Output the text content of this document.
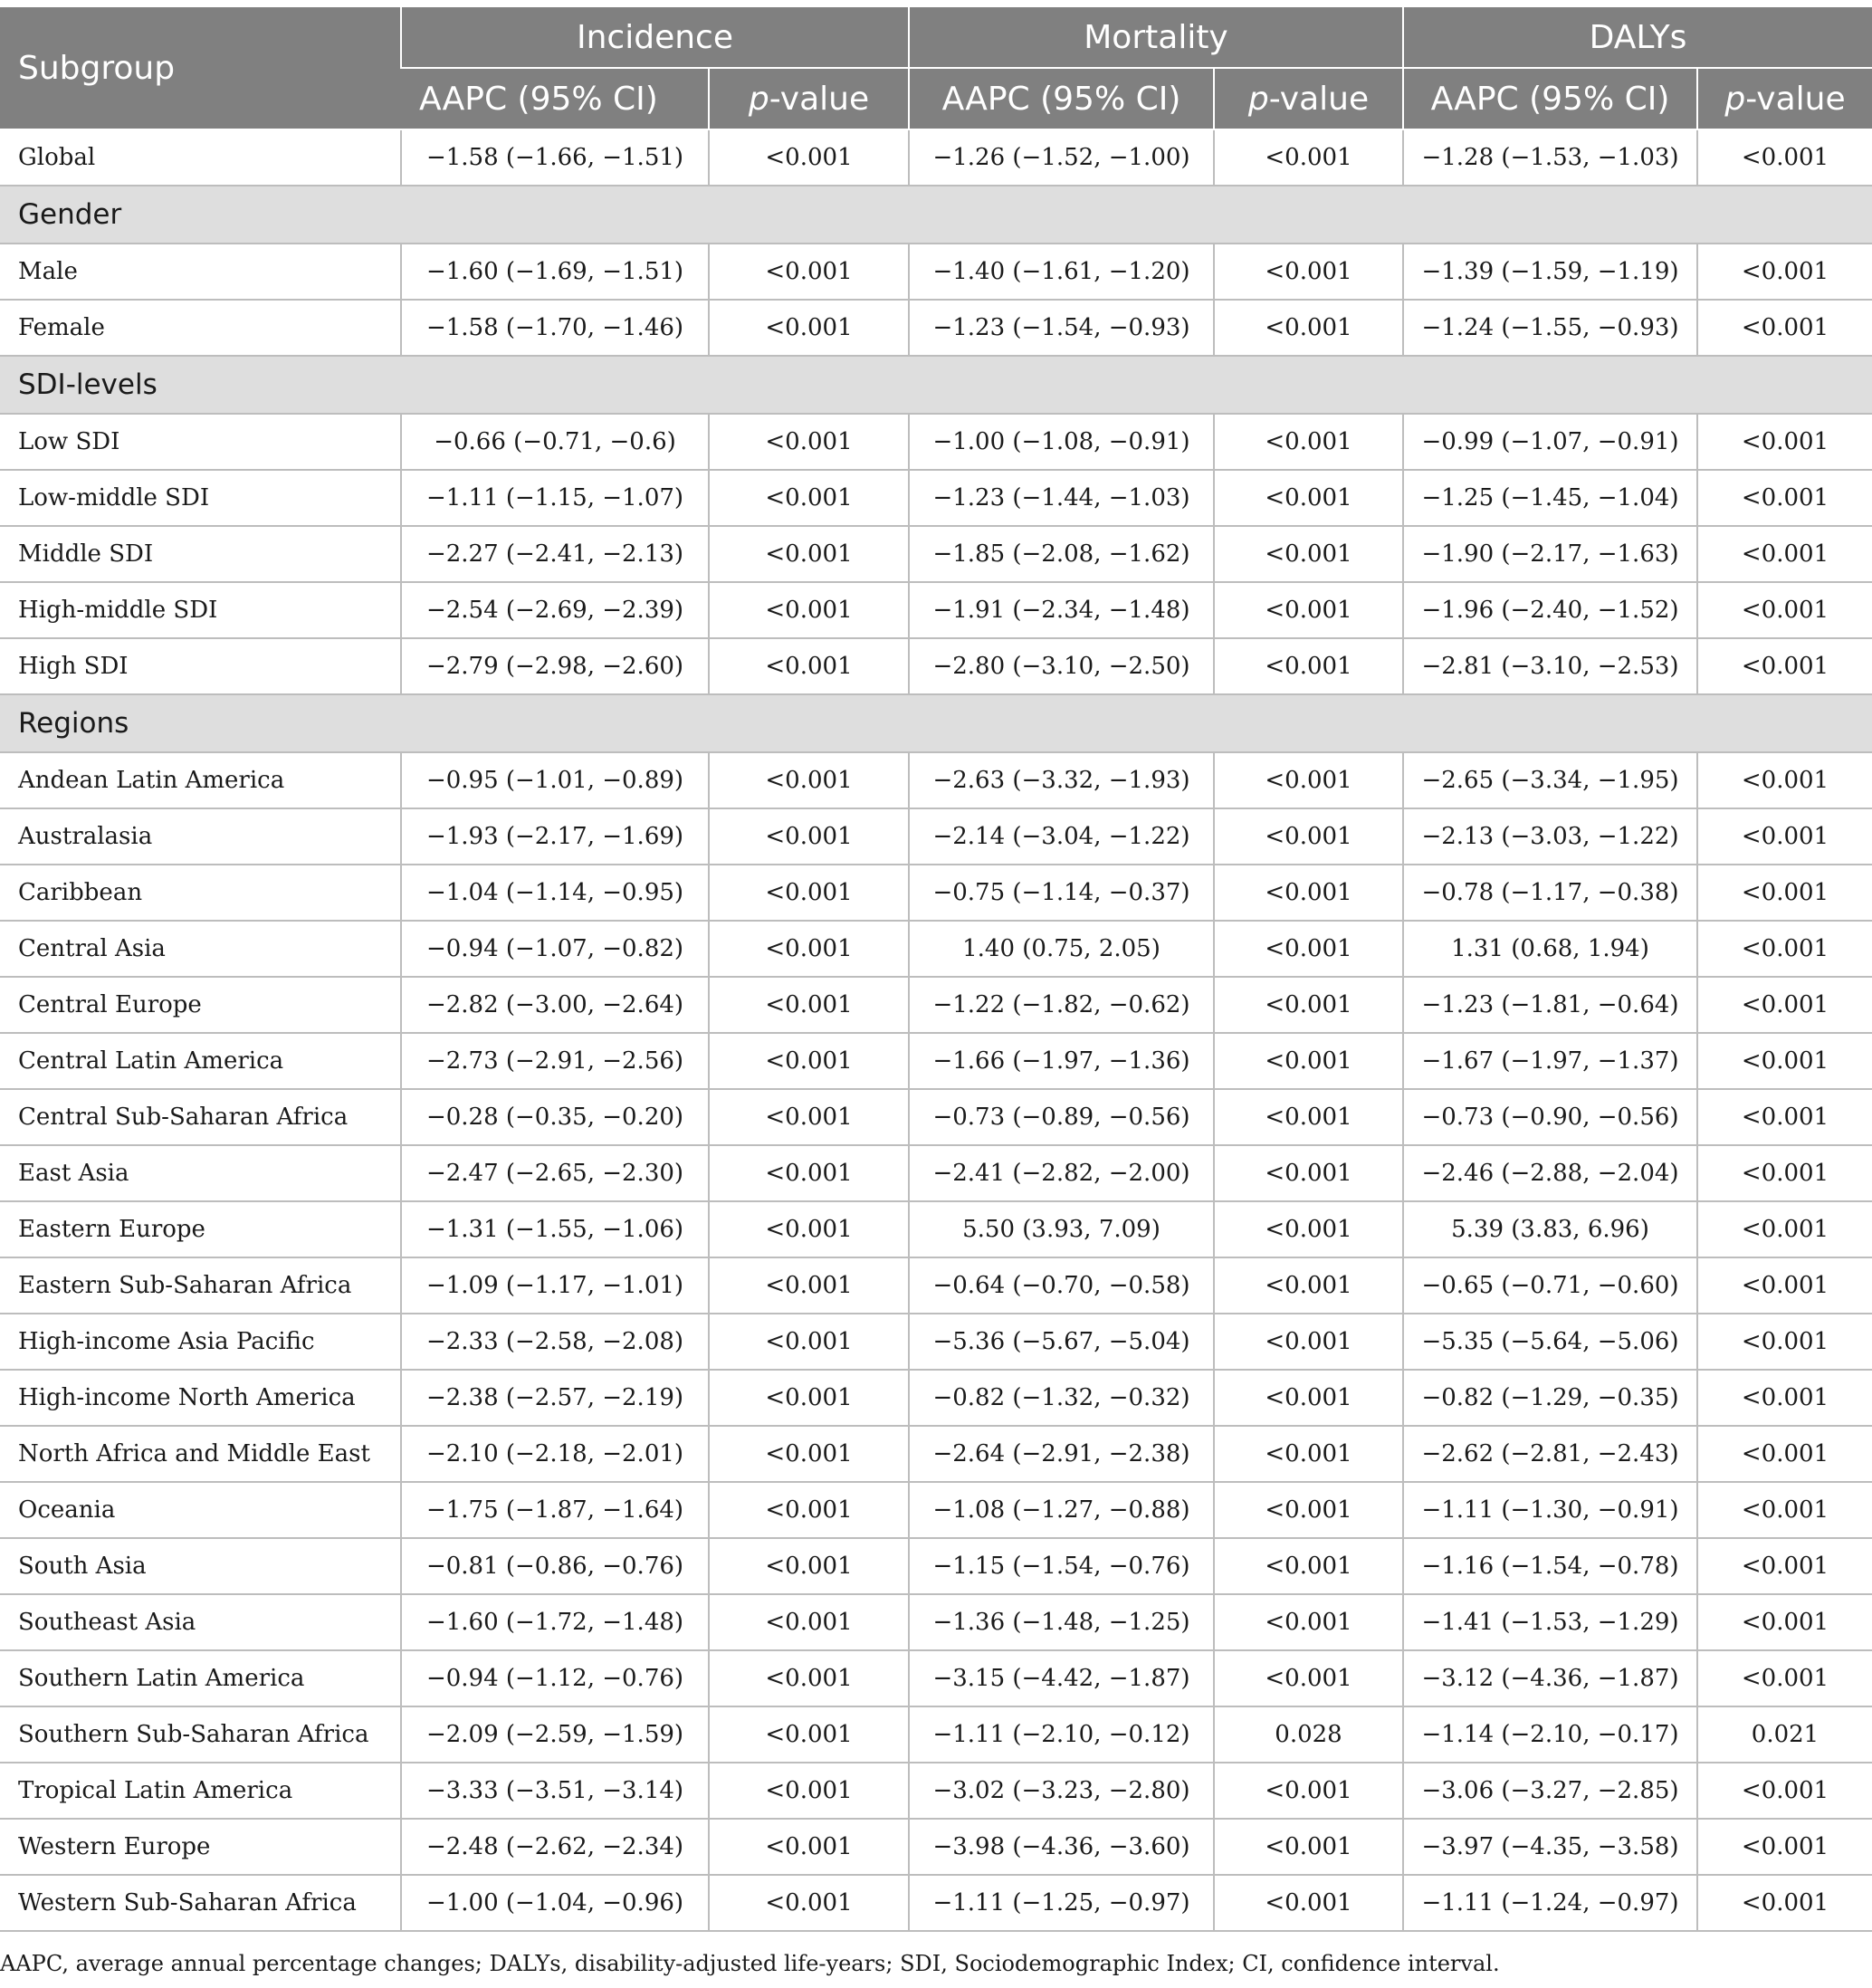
Subgroup	Incidence		Mortality		DALYs	
	AAPC (95% CI)	p-value	AAPC (95% CI)	p-value	AAPC (95% CI)	p-value
Global	−1.58 (−1.66, −1.51)	<0.001	−1.26 (−1.52, −1.00)	<0.001	−1.28 (−1.53, −1.03)	<0.001
Gender						
Male	−1.60 (−1.69, −1.51)	<0.001	−1.40 (−1.61, −1.20)	<0.001	−1.39 (−1.59, −1.19)	<0.001
Female	−1.58 (−1.70, −1.46)	<0.001	−1.23 (−1.54, −0.93)	<0.001	−1.24 (−1.55, −0.93)	<0.001
SDI-levels						
Low SDI	−0.66 (−0.71, −0.6)	<0.001	−1.00 (−1.08, −0.91)	<0.001	−0.99 (−1.07, −0.91)	<0.001
Low-middle SDI	−1.11 (−1.15, −1.07)	<0.001	−1.23 (−1.44, −1.03)	<0.001	−1.25 (−1.45, −1.04)	<0.001
Middle SDI	−2.27 (−2.41, −2.13)	<0.001	−1.85 (−2.08, −1.62)	<0.001	−1.90 (−2.17, −1.63)	<0.001
High-middle SDI	−2.54 (−2.69, −2.39)	<0.001	−1.91 (−2.34, −1.48)	<0.001	−1.96 (−2.40, −1.52)	<0.001
High SDI	−2.79 (−2.98, −2.60)	<0.001	−2.80 (−3.10, −2.50)	<0.001	−2.81 (−3.10, −2.53)	<0.001
Regions						
Andean Latin America	−0.95 (−1.01, −0.89)	<0.001	−2.63 (−3.32, −1.93)	<0.001	−2.65 (−3.34, −1.95)	<0.001
Australasia	−1.93 (−2.17, −1.69)	<0.001	−2.14 (−3.04, −1.22)	<0.001	−2.13 (−3.03, −1.22)	<0.001
Caribbean	−1.04 (−1.14, −0.95)	<0.001	−0.75 (−1.14, −0.37)	<0.001	−0.78 (−1.17, −0.38)	<0.001
Central Asia	−0.94 (−1.07, −0.82)	<0.001	1.40 (0.75, 2.05)	<0.001	1.31 (0.68, 1.94)	<0.001
Central Europe	−2.82 (−3.00, −2.64)	<0.001	−1.22 (−1.82, −0.62)	<0.001	−1.23 (−1.81, −0.64)	<0.001
Central Latin America	−2.73 (−2.91, −2.56)	<0.001	−1.66 (−1.97, −1.36)	<0.001	−1.67 (−1.97, −1.37)	<0.001
Central Sub-Saharan Africa	−0.28 (−0.35, −0.20)	<0.001	−0.73 (−0.89, −0.56)	<0.001	−0.73 (−0.90, −0.56)	<0.001
East Asia	−2.47 (−2.65, −2.30)	<0.001	−2.41 (−2.82, −2.00)	<0.001	−2.46 (−2.88, −2.04)	<0.001
Eastern Europe	−1.31 (−1.55, −1.06)	<0.001	5.50 (3.93, 7.09)	<0.001	5.39 (3.83, 6.96)	<0.001
Eastern Sub-Saharan Africa	−1.09 (−1.17, −1.01)	<0.001	−0.64 (−0.70, −0.58)	<0.001	−0.65 (−0.71, −0.60)	<0.001
High-income Asia Pacific	−2.33 (−2.58, −2.08)	<0.001	−5.36 (−5.67, −5.04)	<0.001	−5.35 (−5.64, −5.06)	<0.001
High-income North America	−2.38 (−2.57, −2.19)	<0.001	−0.82 (−1.32, −0.32)	<0.001	−0.82 (−1.29, −0.35)	<0.001
North Africa and Middle East	−2.10 (−2.18, −2.01)	<0.001	−2.64 (−2.91, −2.38)	<0.001	−2.62 (−2.81, −2.43)	<0.001
Oceania	−1.75 (−1.87, −1.64)	<0.001	−1.08 (−1.27, −0.88)	<0.001	−1.11 (−1.30, −0.91)	<0.001
South Asia	−0.81 (−0.86, −0.76)	<0.001	−1.15 (−1.54, −0.76)	<0.001	−1.16 (−1.54, −0.78)	<0.001
Southeast Asia	−1.60 (−1.72, −1.48)	<0.001	−1.36 (−1.48, −1.25)	<0.001	−1.41 (−1.53, −1.29)	<0.001
Southern Latin America	−0.94 (−1.12, −0.76)	<0.001	−3.15 (−4.42, −1.87)	<0.001	−3.12 (−4.36, −1.87)	<0.001
Southern Sub-Saharan Africa	−2.09 (−2.59, −1.59)	<0.001	−1.11 (−2.10, −0.12)	0.028	−1.14 (−2.10, −0.17)	0.021
Tropical Latin America	−3.33 (−3.51, −3.14)	<0.001	−3.02 (−3.23, −2.80)	<0.001	−3.06 (−3.27, −2.85)	<0.001
Western Europe	−2.48 (−2.62, −2.34)	<0.001	−3.98 (−4.36, −3.60)	<0.001	−3.97 (−4.35, −3.58)	<0.001
Western Sub-Saharan Africa	−1.00 (−1.04, −0.96)	<0.001	−1.11 (−1.25, −0.97)	<0.001	−1.11 (−1.24, −0.97)	<0.001
AAPC, average annual percentage changes; DALYs, disability-adjusted life-years; SDI, Sociodemographic Index; CI, confidence interval.
